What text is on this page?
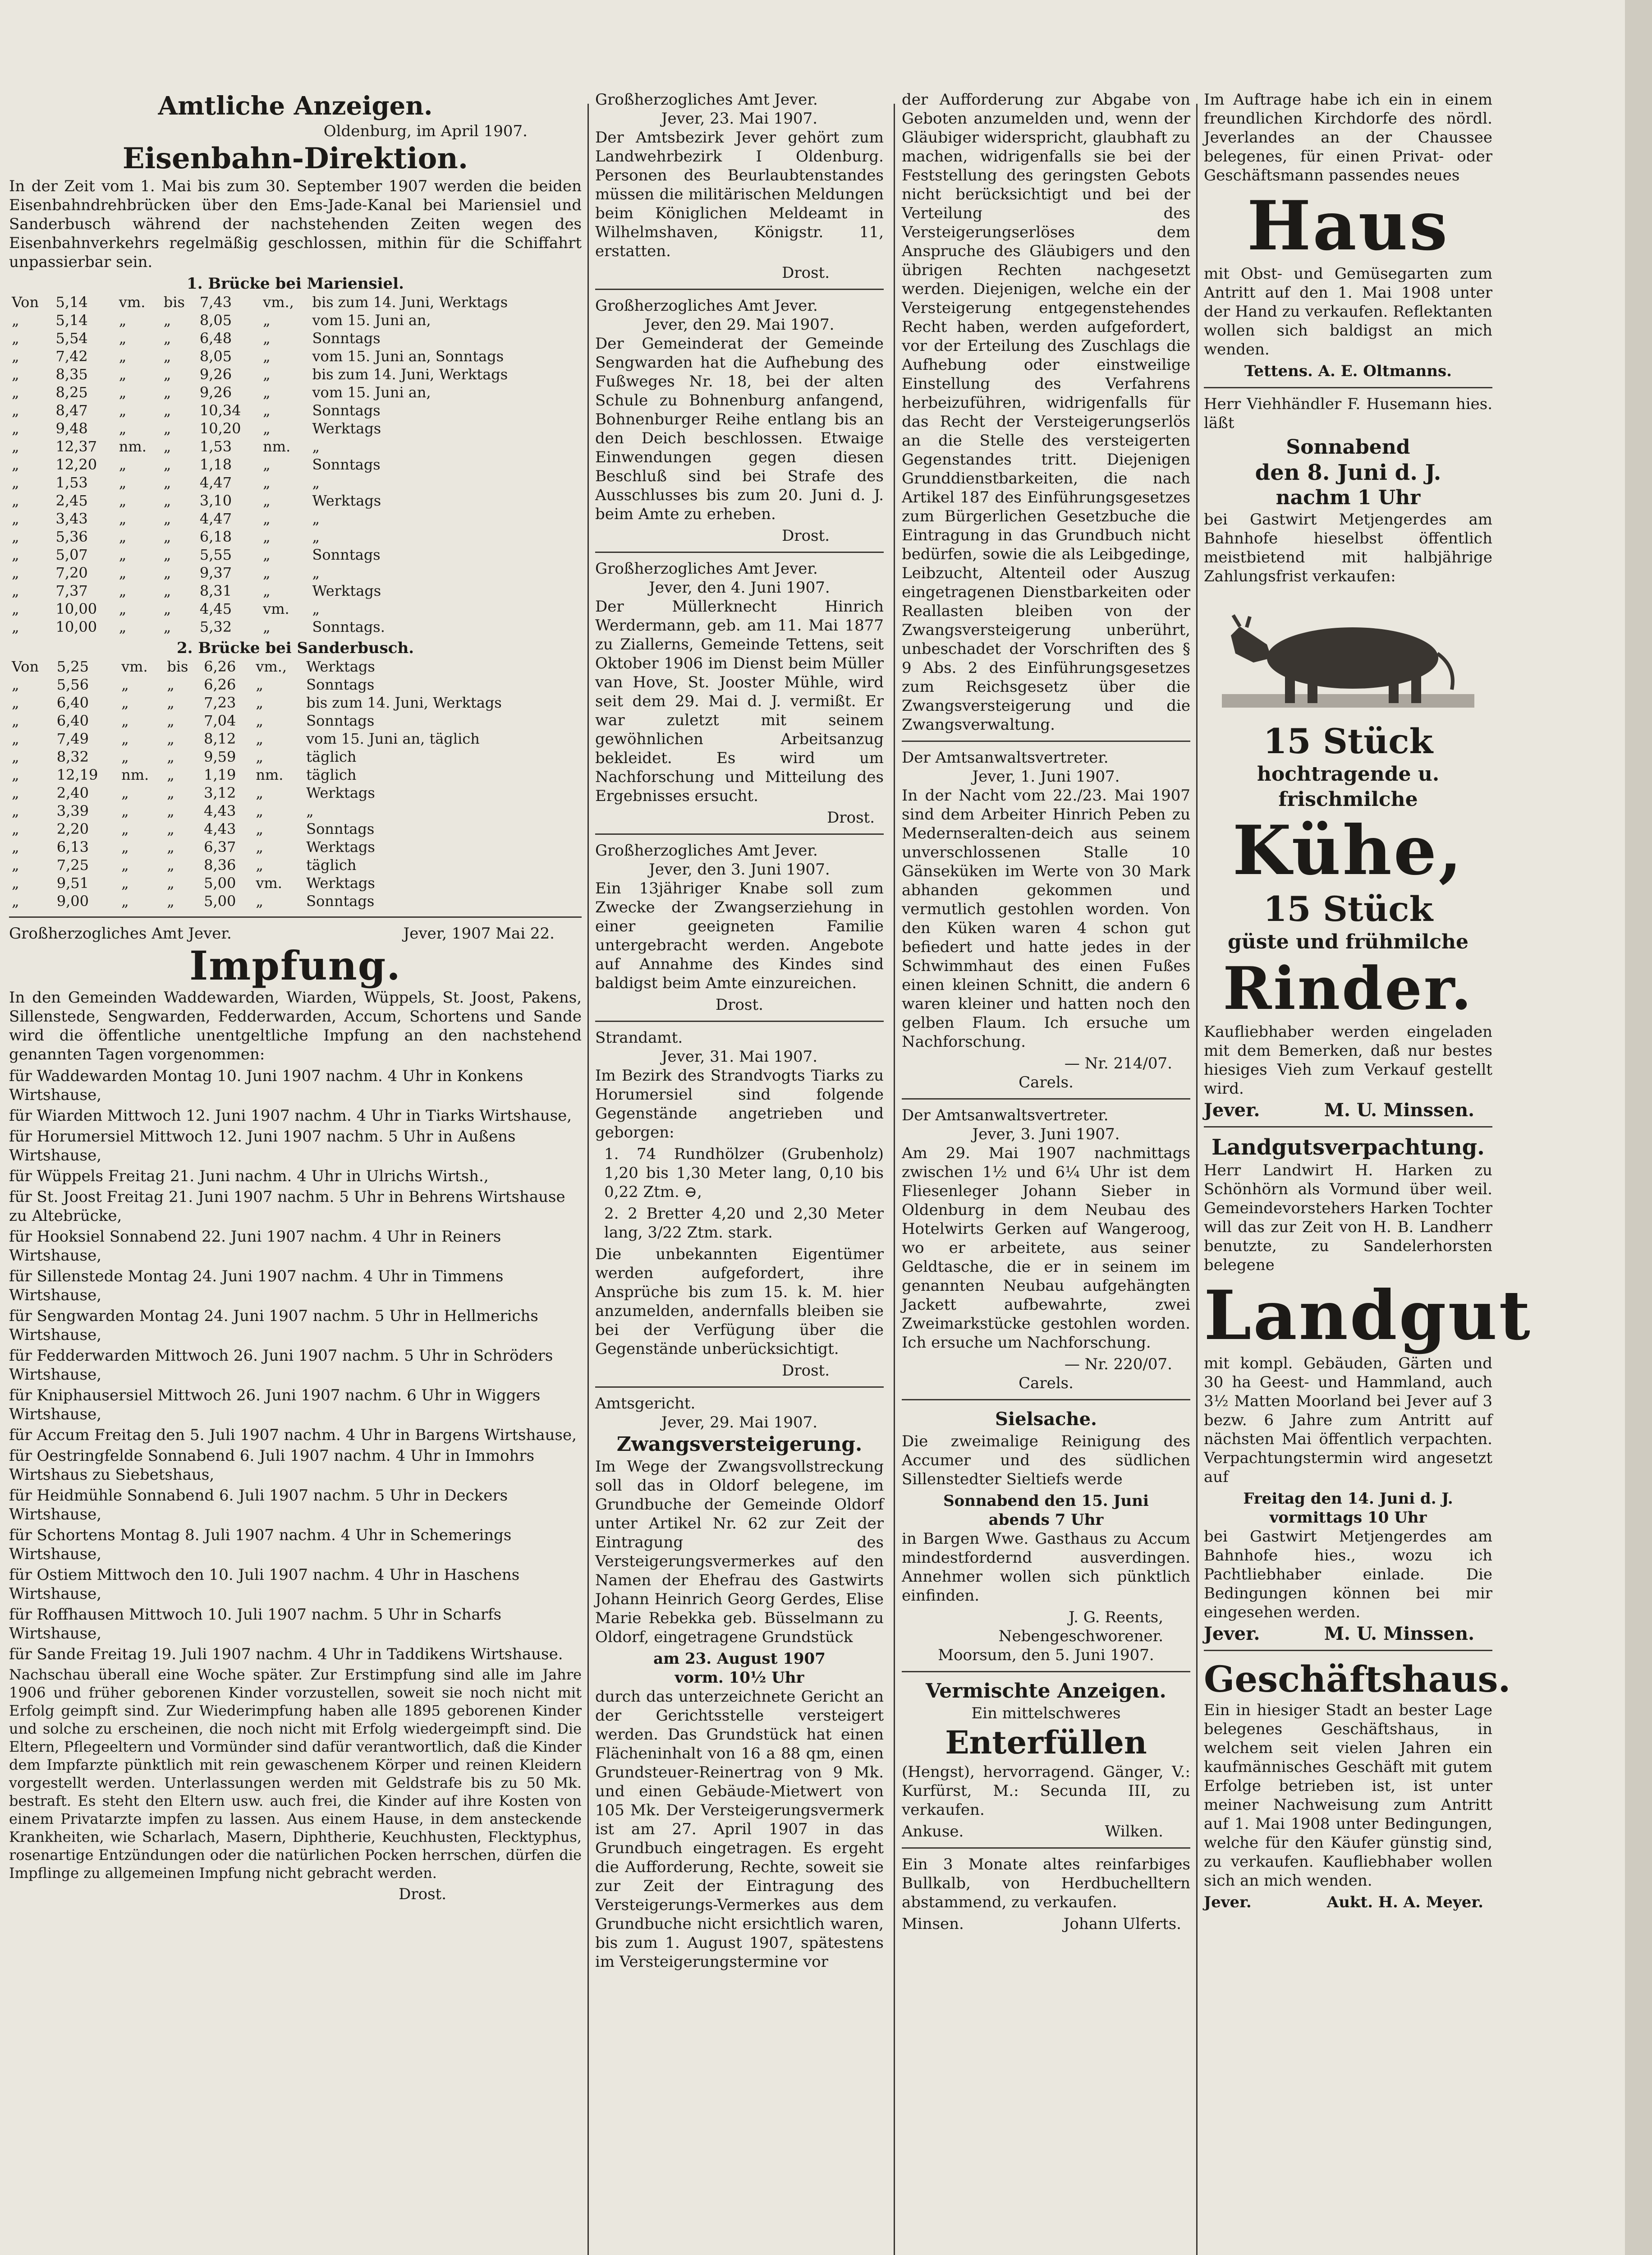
Amtliche Anzeigen.
Oldenburg, im April 1907.
Eisenbahn-Direktion.

In der Zeit vom 1. Mai bis zum 30. September 1907 werden die beiden Eisenbahndrehbrücken über den Ems-Jade-Kanal bei Mariensiel und Sanderbusch während der nachstehenden Zeiten wegen des Eisenbahnverkehrs regelmäßig geschlossen, mithin für die Schiffahrt unpassierbar sein.

1. Brücke bei Mariensiel.
Von	5,14	vm.	bis	7,43	vm.,	bis zum 14. Juni, Werktags
„	5,14	„	„	8,05	„	vom 15. Juni an,
„	5,54	„	„	6,48	„	Sonntags
„	7,42	„	„	8,05	„	vom 15. Juni an, Sonntags
„	8,35	„	„	9,26	„	bis zum 14. Juni, Werktags
„	8,25	„	„	9,26	„	vom 15. Juni an,
„	8,47	„	„	10,34	„	Sonntags
„	9,48	„	„	10,20	„	Werktags
„	12,37	nm.	„	1,53	nm.	„
„	12,20	„	„	1,18	„	Sonntags
„	1,53	„	„	4,47	„	„
„	2,45	„	„	3,10	„	Werktags
„	3,43	„	„	4,47	„	„
„	5,36	„	„	6,18	„	„
„	5,07	„	„	5,55	„	Sonntags
„	7,20	„	„	9,37	„	„
„	7,37	„	„	8,31	„	Werktags
„	10,00	„	„	4,45	vm.	„
„	10,00	„	„	5,32	„	Sonntags.
2. Brücke bei Sanderbusch.
Von	5,25	vm.	bis	6,26	vm.,	Werktags
„	5,56	„	„	6,26	„	Sonntags
„	6,40	„	„	7,23	„	bis zum 14. Juni, Werktags
„	6,40	„	„	7,04	„	Sonntags
„	7,49	„	„	8,12	„	vom 15. Juni an, täglich
„	8,32	„	„	9,59	„	täglich
„	12,19	nm.	„	1,19	nm.	täglich
„	2,40	„	„	3,12	„	Werktags
„	3,39	„	„	4,43	„	„
„	2,20	„	„	4,43	„	Sonntags
„	6,13	„	„	6,37	„	Werktags
„	7,25	„	„	8,36	„	täglich
„	9,51	„	„	5,00	vm.	Werktags
„	9,00	„	„	5,00	„	Sonntags
Großherzogliches Amt Jever.	Jever, 1907 Mai 22.
Impfung.

In den Gemeinden Waddewarden, Wiarden, Wüppels, St. Joost, Pakens, Sillenstede, Sengwarden, Fedderwarden, Accum, Schortens und Sande wird die öffentliche unentgeltliche Impfung an den nachstehend genannten Tagen vorgenommen:

für Waddewarden Montag 10. Juni 1907 nachm. 4 Uhr in Konkens Wirtshause,
für Wiarden Mittwoch 12. Juni 1907 nachm. 4 Uhr in Tiarks Wirtshause,
für Horumersiel Mittwoch 12. Juni 1907 nachm. 5 Uhr in Außens Wirtshause,
für Wüppels Freitag 21. Juni nachm. 4 Uhr in Ulrichs Wirtsh.,
für St. Joost Freitag 21. Juni 1907 nachm. 5 Uhr in Behrens Wirtshause zu Altebrücke,
für Hooksiel Sonnabend 22. Juni 1907 nachm. 4 Uhr in Reiners Wirtshause,
für Sillenstede Montag 24. Juni 1907 nachm. 4 Uhr in Timmens Wirtshause,
für Sengwarden Montag 24. Juni 1907 nachm. 5 Uhr in Hellmerichs Wirtshause,
für Fedderwarden Mittwoch 26. Juni 1907 nachm. 5 Uhr in Schröders Wirtshause,
für Kniphausersiel Mittwoch 26. Juni 1907 nachm. 6 Uhr in Wiggers Wirtshause,
für Accum Freitag den 5. Juli 1907 nachm. 4 Uhr in Bargens Wirtshause,
für Oestringfelde Sonnabend 6. Juli 1907 nachm. 4 Uhr in Immohrs Wirtshaus zu Siebetshaus,
für Heidmühle Sonnabend 6. Juli 1907 nachm. 5 Uhr in Deckers Wirtshause,
für Schortens Montag 8. Juli 1907 nachm. 4 Uhr in Schemerings Wirtshause,
für Ostiem Mittwoch den 10. Juli 1907 nachm. 4 Uhr in Haschens Wirtshause,
für Roffhausen Mittwoch 10. Juli 1907 nachm. 5 Uhr in Scharfs Wirtshause,
für Sande Freitag 19. Juli 1907 nachm. 4 Uhr in Taddikens Wirtshause.

Nachschau überall eine Woche später. Zur Erstimpfung sind alle im Jahre 1906 und früher geborenen Kinder vorzustellen, soweit sie noch nicht mit Erfolg geimpft sind. Zur Wiederimpfung haben alle 1895 geborenen Kinder und solche zu erscheinen, die noch nicht mit Erfolg wiedergeimpft sind. Die Eltern, Pflegeeltern und Vormünder sind dafür verantwortlich, daß die Kinder dem Impfarzte pünktlich mit rein gewaschenem Körper und reinen Kleidern vorgestellt werden. Unterlassungen werden mit Geldstrafe bis zu 50 Mk. bestraft. Es steht den Eltern usw. auch frei, die Kinder auf ihre Kosten von einem Privatarzte impfen zu lassen. Aus einem Hause, in dem ansteckende Krankheiten, wie Scharlach, Masern, Diphtherie, Keuchhusten, Flecktyphus, rosenartige Entzündungen oder die natürlichen Pocken herrschen, dürfen die Impflinge zu allgemeinen Impfung nicht gebracht werden.

Drost.
Großherzogliches Amt Jever.
Jever, 23. Mai 1907.

Der Amtsbezirk Jever gehört zum Landwehrbezirk I Oldenburg. Personen des Beurlaubtenstandes müssen die militärischen Meldungen beim Königlichen Meldeamt in Wilhelmshaven, Königstr. 11, erstatten.

Drost.
Großherzogliches Amt Jever.
Jever, den 29. Mai 1907.

Der Gemeinderat der Gemeinde Sengwarden hat die Aufhebung des Fußweges Nr. 18, bei der alten Schule zu Bohnenburg anfangend, Bohnenburger Reihe entlang bis an den Deich beschlossen. Etwaige Einwendungen gegen diesen Beschluß sind bei Strafe des Ausschlusses bis zum 20. Juni d. J. beim Amte zu erheben.

Drost.
Großherzogliches Amt Jever.
Jever, den 4. Juni 1907.

Der Müllerknecht Hinrich Werdermann, geb. am 11. Mai 1877 zu Ziallerns, Gemeinde Tettens, seit Oktober 1906 im Dienst beim Müller van Hove, St. Jooster Mühle, wird seit dem 29. Mai d. J. vermißt. Er war zuletzt mit seinem gewöhnlichen Arbeitsanzug bekleidet. Es wird um Nachforschung und Mitteilung des Ergebnisses ersucht.

Drost.
Großherzogliches Amt Jever.
Jever, den 3. Juni 1907.

Ein 13jähriger Knabe soll zum Zwecke der Zwangserziehung in einer geeigneten Familie untergebracht werden. Angebote auf Annahme des Kindes sind baldigst beim Amte einzureichen.

Drost.
Strandamt.
Jever, 31. Mai 1907.

Im Bezirk des Strandvogts Tiarks zu Horumersiel sind folgende Gegenstände angetrieben und geborgen:

1. 74 Rundhölzer (Grubenholz) 1,20 bis 1,30 Meter lang, 0,10 bis 0,22 Ztm. ⊖,

2. 2 Bretter 4,20 und 2,30 Meter lang, 3/22 Ztm. stark.

Die unbekannten Eigentümer werden aufgefordert, ihre Ansprüche bis zum 15. k. M. hier anzumelden, andernfalls bleiben sie bei der Verfügung über die Gegenstände unberücksichtigt.

Drost.
Amtsgericht.
Jever, 29. Mai 1907.
Zwangsversteigerung.

Im Wege der Zwangsvollstreckung soll das in Oldorf belegene, im Grundbuche der Gemeinde Oldorf unter Artikel Nr. 62 zur Zeit der Eintragung des Versteigerungsvermerkes auf den Namen der Ehefrau des Gastwirts Johann Heinrich Georg Gerdes, Elise Marie Rebekka geb. Büsselmann zu Oldorf, eingetragene Grundstück

am 23. August 1907
vorm. 10½ Uhr

durch das unterzeichnete Gericht an der Gerichtsstelle versteigert werden. Das Grundstück hat einen Flächeninhalt von 16 a 88 qm, einen Grundsteuer-Reinertrag von 9 Mk. und einen Gebäude-Mietwert von 105 Mk. Der Versteigerungsvermerk ist am 27. April 1907 in das Grundbuch eingetragen. Es ergeht die Aufforderung, Rechte, soweit sie zur Zeit der Eintragung des Versteigerungs-Vermerkes aus dem Grundbuche nicht ersichtlich waren, bis zum 1. August 1907, spätestens im Versteigerungstermine vor

der Aufforderung zur Abgabe von Geboten anzumelden und, wenn der Gläubiger widerspricht, glaubhaft zu machen, widrigenfalls sie bei der Feststellung des geringsten Gebots nicht berücksichtigt und bei der Verteilung des Versteigerungserlöses dem Anspruche des Gläubigers und den übrigen Rechten nachgesetzt werden. Diejenigen, welche ein der Versteigerung entgegenstehendes Recht haben, werden aufgefordert, vor der Erteilung des Zuschlags die Aufhebung oder einstweilige Einstellung des Verfahrens herbeizuführen, widrigenfalls für das Recht der Versteigerungserlös an die Stelle des versteigerten Gegenstandes tritt. Diejenigen Grunddienstbarkeiten, die nach Artikel 187 des Einführungsgesetzes zum Bürgerlichen Gesetzbuche die Eintragung in das Grundbuch nicht bedürfen, sowie die als Leibgedinge, Leibzucht, Altenteil oder Auszug eingetragenen Dienstbarkeiten oder Reallasten bleiben von der Zwangsversteigerung unberührt, unbeschadet der Vorschriften des § 9 Abs. 2 des Einführungsgesetzes zum Reichsgesetz über die Zwangsversteigerung und die Zwangsverwaltung.

Der Amtsanwaltsvertreter.
Jever, 1. Juni 1907.

In der Nacht vom 22./23. Mai 1907 sind dem Arbeiter Hinrich Peben zu Medernseralten-deich aus seinem unverschlossenen Stalle 10 Gänseküken im Werte von 30 Mark abhanden gekommen und vermutlich gestohlen worden. Von den Küken waren 4 schon gut befiedert und hatte jedes in der Schwimmhaut des einen Fußes einen kleinen Schnitt, die andern 6 waren kleiner und hatten noch den gelben Flaum. Ich ersuche um Nachforschung.

— Nr. 214/07.
Carels.
Der Amtsanwaltsvertreter.
Jever, 3. Juni 1907.

Am 29. Mai 1907 nachmittags zwischen 1½ und 6¼ Uhr ist dem Fliesenleger Johann Sieber in Oldenburg in dem Neubau des Hotelwirts Gerken auf Wangeroog, wo er arbeitete, aus seiner Geldtasche, die er in seinem im genannten Neubau aufgehängten Jackett aufbewahrte, zwei Zweimarkstücke gestohlen worden. Ich ersuche um Nachforschung.

— Nr. 220/07.
Carels.
Sielsache.

Die zweimalige Reinigung des Accumer und des südlichen Sillenstedter Sieltiefs werde

Sonnabend den 15. Juni
abends 7 Uhr

in Bargen Wwe. Gasthaus zu Accum mindestfordernd ausverdingen. Annehmer wollen sich pünktlich einfinden.

J. G. Reents,
Nebengeschworener.
Moorsum, den 5. Juni 1907.
Vermischte Anzeigen.
Ein mittelschweres
Enterfüllen

(Hengst), hervorragend. Gänger, V.: Kurfürst, M.: Secunda III, zu verkaufen.

Ankuse.	Wilken.

Ein 3 Monate altes reinfarbiges Bullkalb, von Herdbuchelltern abstammend, zu verkaufen.

Minsen.	Johann Ulferts.

Im Auftrage habe ich ein in einem freundlichen Kirchdorfe des nördl. Jeverlandes an der Chaussee belegenes, für einen Privat- oder Geschäftsmann passendes neues

Haus

mit Obst- und Gemüsegarten zum Antritt auf den 1. Mai 1908 unter der Hand zu verkaufen. Reflektanten wollen sich baldigst an mich wenden.

Tettens. A. E. Oltmanns.

Herr Viehhändler F. Husemann hies. läßt

Sonnabend
den 8. Juni d. J.
nachm 1 Uhr

bei Gastwirt Metjengerdes am Bahnhofe hieselbst öffentlich meistbietend mit halbjährige Zahlungsfrist verkaufen:

15 Stück
hochtragende u. frischmilche
Kühe,
15 Stück
güste und frühmilche
Rinder.

Kaufliebhaber werden eingeladen mit dem Bemerken, daß nur bestes hiesiges Vieh zum Verkauf gestellt wird.

Jever.	M. U. Minssen.
Landgutsverpachtung.

Herr Landwirt H. Harken zu Schönhörn als Vormund über weil. Gemeindevorstehers Harken Tochter will das zur Zeit von H. B. Landherr benutzte, zu Sandelerhorsten belegene

Landgut

mit kompl. Gebäuden, Gärten und 30 ha Geest- und Hammland, auch 3½ Matten Moorland bei Jever auf 3 bezw. 6 Jahre zum Antritt auf nächsten Mai öffentlich verpachten. Verpachtungstermin wird angesetzt auf

Freitag den 14. Juni d. J.
vormittags 10 Uhr

bei Gastwirt Metjengerdes am Bahnhofe hies., wozu ich Pachtliebhaber einlade. Die Bedingungen können bei mir eingesehen werden.

Jever.	M. U. Minssen.
Geschäftshaus.

Ein in hiesiger Stadt an bester Lage belegenes Geschäftshaus, in welchem seit vielen Jahren ein kaufmännisches Geschäft mit gutem Erfolge betrieben ist, ist unter meiner Nachweisung zum Antritt auf 1. Mai 1908 unter Bedingungen, welche für den Käufer günstig sind, zu verkaufen. Kaufliebhaber wollen sich an mich wenden.

Jever.	Aukt. H. A. Meyer.
